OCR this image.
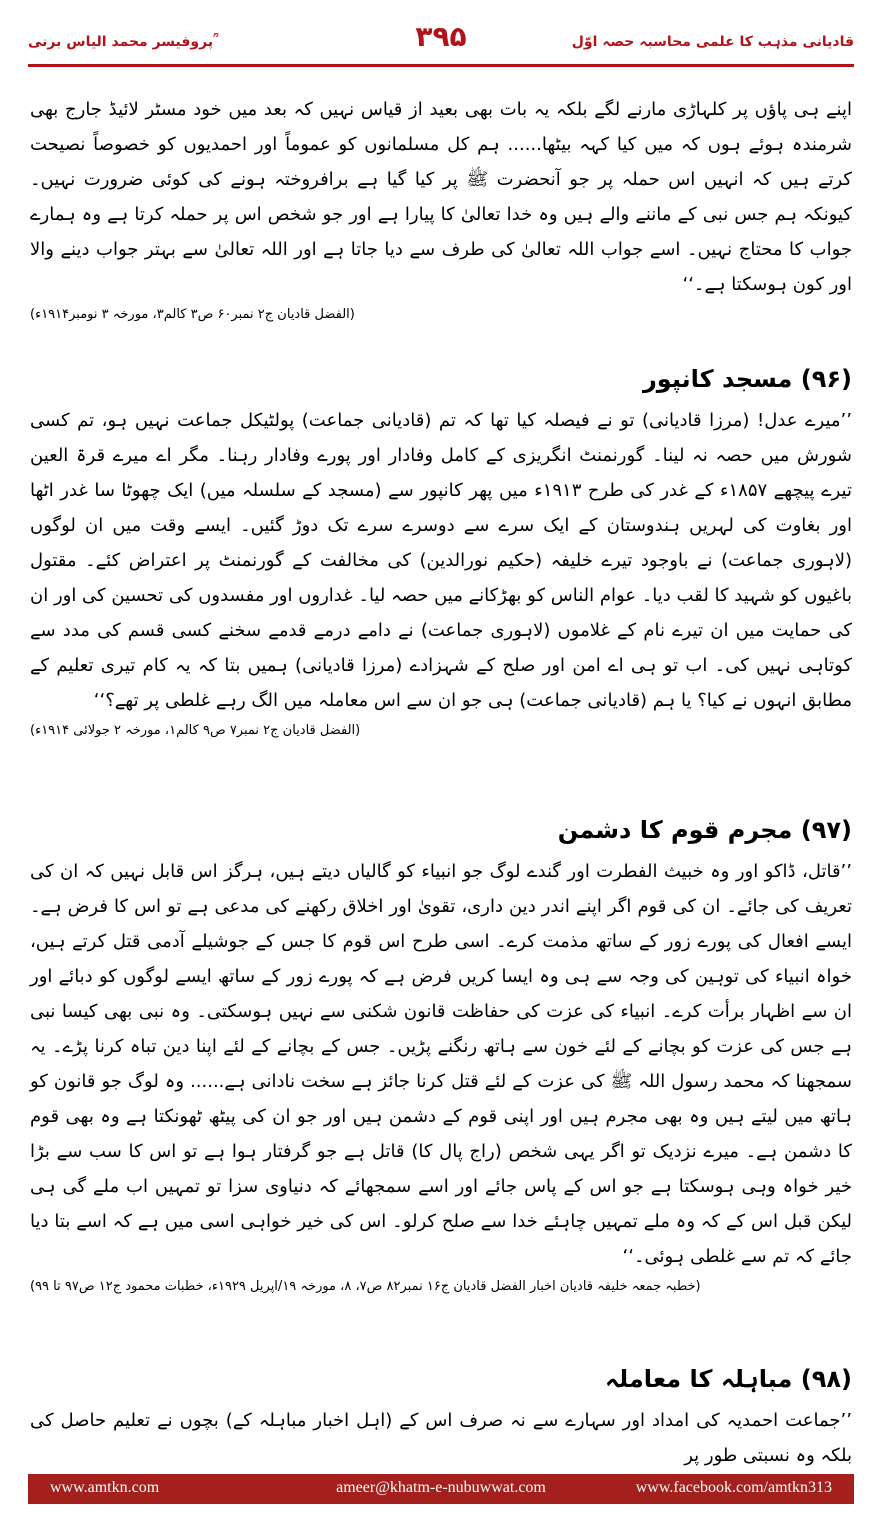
پروفیسر محمد الیاس برنی ؒ	۳۹۵	قادیانی مذہب کا علمی محاسبہ حصہ اوّل

اپنے ہی پاؤں پر کلہاڑی مارنے لگے بلکہ یہ بات بھی بعید از قیاس نہیں کہ بعد میں خود مسٹر لائیڈ جارج بھی شرمندہ ہوئے ہوں کہ میں کیا کہہ بیٹھا...... ہم کل مسلمانوں کو عموماً اور احمدیوں کو خصوصاً نصیحت کرتے ہیں کہ انہیں اس حملہ پر جو آنحضرت ﷺ پر کیا گیا ہے برافروختہ ہونے کی کوئی ضرورت نہیں۔ کیونکہ ہم جس نبی کے ماننے والے ہیں وہ خدا تعالیٰ کا پیارا ہے اور جو شخص اس پر حملہ کرتا ہے وہ ہمارے جواب کا محتاج نہیں۔ اسے جواب اللہ تعالیٰ کی طرف سے دیا جاتا ہے اور اللہ تعالیٰ سے بہتر جواب دینے والا اور کون ہوسکتا ہے۔‘‘

(الفضل قادیان ج۲ نمبر۶۰ ص۳ کالم۳، مورخہ ۳ نومبر۱۹۱۴ء)

(۹۶) مسجد کانپور

’’میرے عدل! (مرزا قادیانی) تو نے فیصلہ کیا تھا کہ تم (قادیانی جماعت) پولٹیکل جماعت نہیں ہو، تم کسی شورش میں حصہ نہ لینا۔ گورنمنٹ انگریزی کے کامل وفادار اور پورے وفادار رہنا۔ مگر اے میرے قرۃ العین تیرے پیچھے ۱۸۵۷ء کے غدر کی طرح ۱۹۱۳ء میں پھر کانپور سے (مسجد کے سلسلہ میں) ایک چھوٹا سا غدر اٹھا اور بغاوت کی لہریں ہندوستان کے ایک سرے سے دوسرے سرے تک دوڑ گئیں۔ ایسے وقت میں ان لوگوں (لاہوری جماعت) نے باوجود تیرے خلیفہ (حکیم نورالدین) کی مخالفت کے گورنمنٹ پر اعتراض کئے۔ مقتول باغیوں کو شہید کا لقب دیا۔ عوام الناس کو بھڑکانے میں حصہ لیا۔ غداروں اور مفسدوں کی تحسین کی اور ان کی حمایت میں ان تیرے نام کے غلاموں (لاہوری جماعت) نے دامے درمے قدمے سخنے کسی قسم کی مدد سے کوتاہی نہیں کی۔ اب تو ہی اے امن اور صلح کے شہزادے (مرزا قادیانی) ہمیں بتا کہ یہ کام تیری تعلیم کے مطابق انہوں نے کیا؟ یا ہم (قادیانی جماعت) ہی جو ان سے اس معاملہ میں الگ رہے غلطی پر تھے؟‘‘

(الفضل قادیان ج۲ نمبر۷ ص۹ کالم۱، مورخہ ۲ جولائی ۱۹۱۴ء)

(۹۷) مجرم قوم کا دشمن

’’قاتل، ڈاکو اور وہ خبیث الفطرت اور گندے لوگ جو انبیاء کو گالیاں دیتے ہیں، ہرگز اس قابل نہیں کہ ان کی تعریف کی جائے۔ ان کی قوم اگر اپنے اندر دین داری، تقویٰ اور اخلاق رکھنے کی مدعی ہے تو اس کا فرض ہے۔ ایسے افعال کی پورے زور کے ساتھ مذمت کرے۔ اسی طرح اس قوم کا جس کے جوشیلے آدمی قتل کرتے ہیں، خواہ انبیاء کی توہین کی وجہ سے ہی وہ ایسا کریں فرض ہے کہ پورے زور کے ساتھ ایسے لوگوں کو دبائے اور ان سے اظہار برأت کرے۔ انبیاء کی عزت کی حفاظت قانون شکنی سے نہیں ہوسکتی۔ وہ نبی بھی کیسا نبی ہے جس کی عزت کو بچانے کے لئے خون سے ہاتھ رنگنے پڑیں۔ جس کے بچانے کے لئے اپنا دین تباہ کرنا پڑے۔ یہ سمجھنا کہ محمد رسول اللہ ﷺ کی عزت کے لئے قتل کرنا جائز ہے سخت نادانی ہے...... وہ لوگ جو قانون کو ہاتھ میں لیتے ہیں وہ بھی مجرم ہیں اور اپنی قوم کے دشمن ہیں اور جو ان کی پیٹھ ٹھونکتا ہے وہ بھی قوم کا دشمن ہے۔ میرے نزدیک تو اگر یہی شخص (راج پال کا) قاتل ہے جو گرفتار ہوا ہے تو اس کا سب سے بڑا خیر خواہ وہی ہوسکتا ہے جو اس کے پاس جائے اور اسے سمجھائے کہ دنیاوی سزا تو تمہیں اب ملے گی ہی لیکن قبل اس کے کہ وہ ملے تمہیں چاہئے خدا سے صلح کرلو۔ اس کی خیر خواہی اسی میں ہے کہ اسے بتا دیا جائے کہ تم سے غلطی ہوئی۔‘‘

(خطبہ جمعہ خلیفہ قادیان اخبار الفضل قادیان ج۱۶ نمبر۸۲ ص۷، ۸، مورخہ ۱۹/اپریل ۱۹۲۹ء، خطبات محمود ج۱۲ ص۹۷ تا ۹۹)

(۹۸) مباہلہ کا معاملہ

’’جماعت احمدیہ کی امداد اور سہارے سے نہ صرف اس کے (اہل اخبار مباہلہ کے) بچوں نے تعلیم حاصل کی بلکہ وہ نسبتی طور پر

www.amtkn.com	ameer@khatm-e-nubuwwat.com	www.facebook.com/amtkn313
